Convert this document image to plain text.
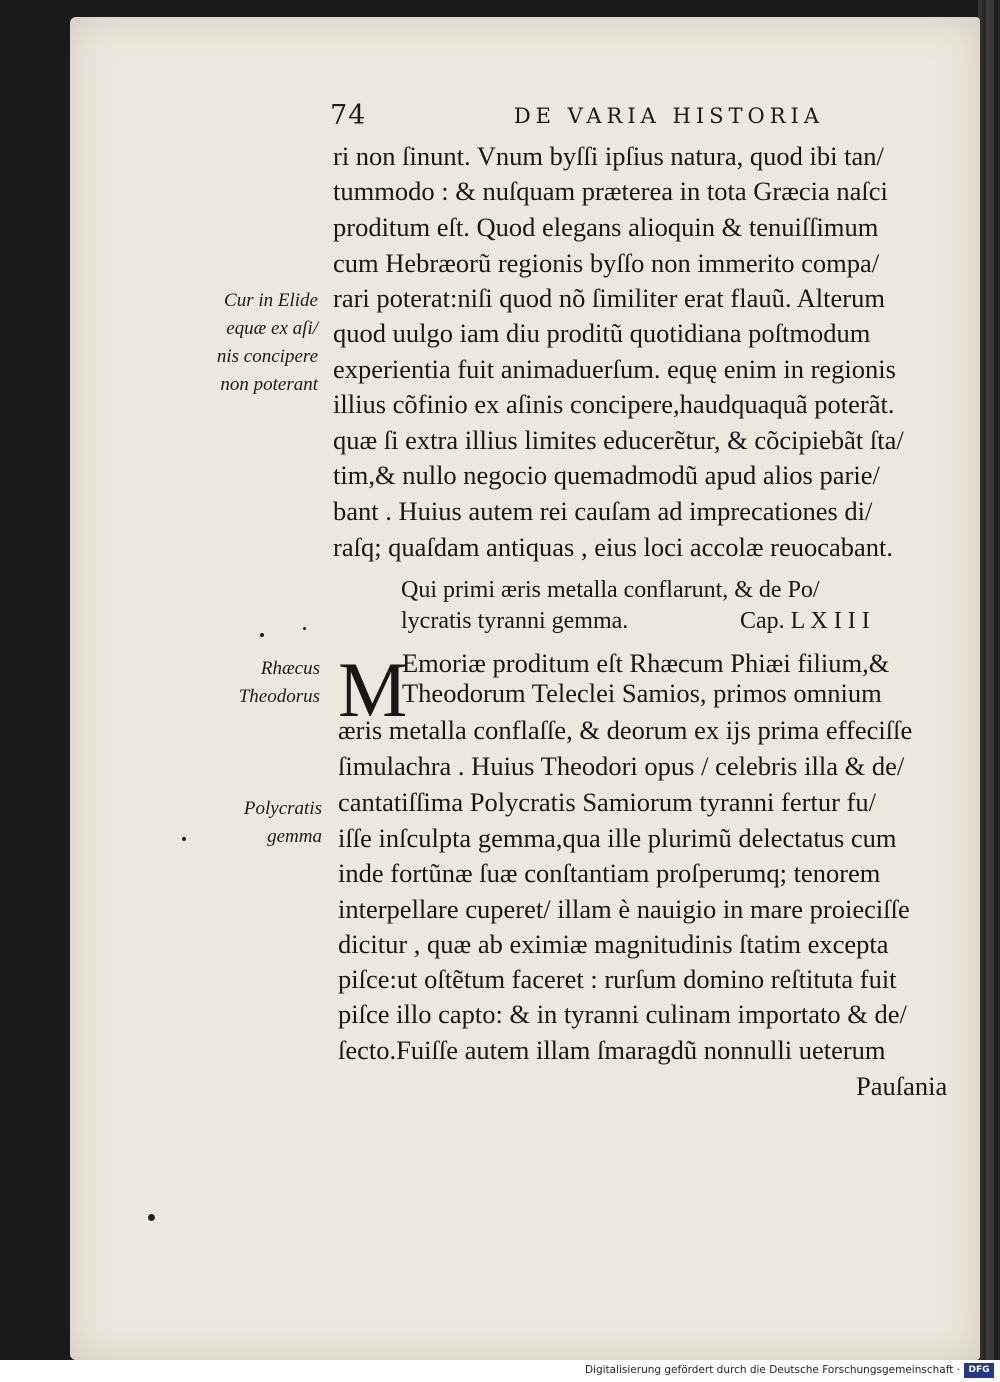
74	DE VARIA HISTORIA
ri non ſinunt. Vnum byſſi ipſius natura, quod ibi tan/
tummodo : & nuſquam præterea in tota Græcia naſci
proditum eſt. Quod elegans alioquin & tenuiſſimum
cum Hebræorũ regionis byſſo non immerito compa/
rari poterat:niſi quod nõ ſimiliter erat flauũ. Alterum
quod uulgo iam diu proditũ quotidiana poſtmodum
experientia fuit animaduerſum. equę enim in regionis
illius cõfinio ex aſinis concipere,haudquaquã poterãt.
quæ ſi extra illius limites educerẽtur, & cõcipiebãt ſta/
tim,& nullo negocio quemadmodũ apud alios parie/
bant . Huius autem rei cauſam ad imprecationes di/
raſq; quaſdam antiquas , eius loci accolæ reuocabant.
Qui primi æris metalla conflarunt, & de Po/
lycratis tyranni gemma.	Cap. L X I I I
M
Emoriæ proditum eſt Rhæcum Phiæi filium,&
Theodorum Teleclei Samios, primos omnium
æris metalla conflaſſe, & deorum ex ijs prima effeciſſe
ſimulachra . Huius Theodori opus / celebris illa & de/
cantatiſſima Polycratis Samiorum tyranni fertur fu/
iſſe inſculpta gemma,qua ille plurimũ delectatus cum
inde fortũnæ ſuæ conſtantiam proſperumq; tenorem
interpellare cuperet/ illam è nauigio in mare proieciſſe
dicitur , quæ ab eximiæ magnitudinis ſtatim excepta
piſce:ut oſtẽtum faceret : rurſum domino reſtituta fuit
piſce illo capto: & in tyranni culinam importato & de/
ſecto.Fuiſſe autem illam ſmaragdũ nonnulli ueterum
Pauſania
Cur in Elide
equæ ex aſi/
nis concipere
non poterant
Rhæcus
Theodorus
Polycratis
gemma
Digitalisierung gefördert durch die Deutsche Forschungsgemeinschaft · DFG
